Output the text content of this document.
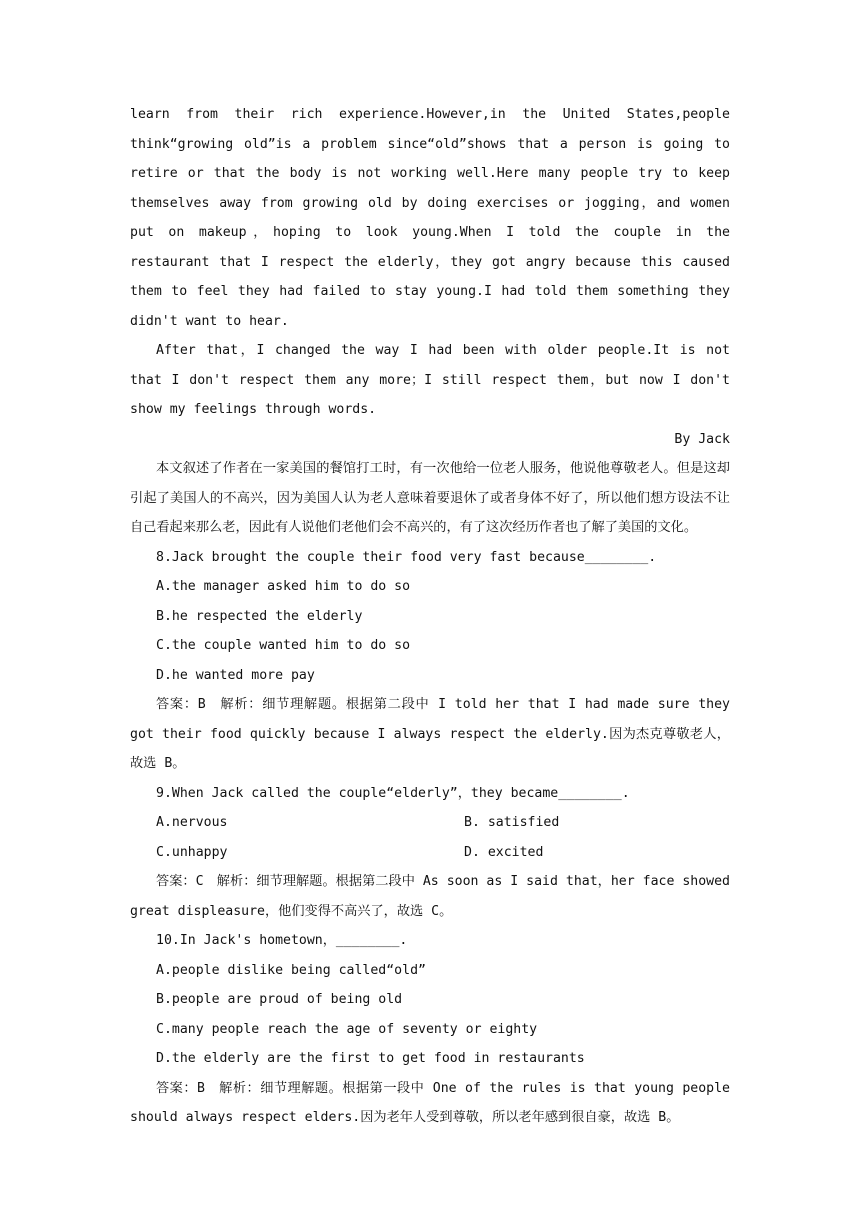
learn from their rich experience.However,in the United States,people think“growing old”is a problem since“old”shows that a person is going to retire or that the body is not working well.Here many people try to keep themselves away from growing old by doing exercises or jogging，and women put on makeup，hoping to look young.When I told the couple in the restaurant that I respect the elderly，they got angry because this caused them to feel they had failed to stay young.I had told them something they didn't want to hear.

After that，I changed the way I had been with older people.It is not that I don't respect them any more；I still respect them，but now I don't show my feelings through words.

By Jack

本文叙述了作者在一家美国的餐馆打工时，有一次他给一位老人服务，他说他尊敬老人。但是这却引起了美国人的不高兴，因为美国人认为老人意味着要退休了或者身体不好了，所以他们想方设法不让自己看起来那么老，因此有人说他们老他们会不高兴的，有了这次经历作者也了解了美国的文化。

8.Jack brought the couple their food very fast because________.

A.the manager asked him to do so

B.he respected the elderly

C.the couple wanted him to do so

D.he wanted more pay

答案：B　解析：细节理解题。根据第二段中 I told her that I had made sure they got their food quickly because I always respect the elderly.因为杰克尊敬老人，故选 B。

9.When Jack called the couple“elderly”，they became________.

A.nervous	B. satisfied
C.unhappy	D. excited

答案：C　解析：细节理解题。根据第二段中 As soon as I said that，her face showed great displeasure，他们变得不高兴了，故选 C。

10.In Jack's hometown，________.

A.people dislike being called“old”

B.people are proud of being old

C.many people reach the age of seventy or eighty

D.the elderly are the first to get food in restaurants

答案：B　解析：细节理解题。根据第一段中 One of the rules is that young people should always respect elders.因为老年人受到尊敬，所以老年感到很自豪，故选 B。
